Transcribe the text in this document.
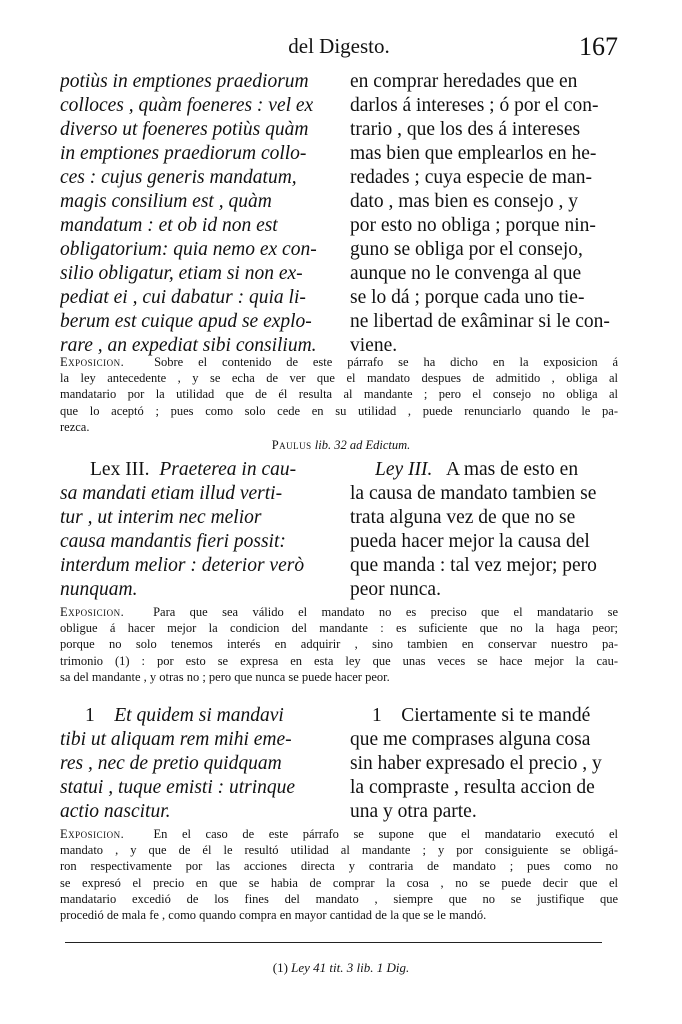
del Digesto.	167
potiùs in emptiones praediorum
colloces , quàm foeneres : vel ex
diverso ut foeneres potiùs quàm
in emptiones praediorum collo-
ces : cujus generis mandatum,
magis consilium est , quàm
mandatum : et ob id non est
obligatorium: quia nemo ex con-
silio obligatur, etiam si non ex-
pediat ei , cui dabatur : quia li-
berum est cuique apud se explo-
rare , an expediat sibi consilium.
en comprar heredades que en
darlos á intereses ; ó por el con-
trario , que los des á intereses
mas bien que emplearlos en he-
redades ; cuya especie de man-
dato , mas bien es consejo , y
por esto no obliga ; porque nin-
guno se obliga por el consejo,
aunque no le convenga al que
se lo dá ; porque cada uno tie-
ne libertad de exâminar si le con-
viene.
Exposicion. Sobre el contenido de este párrafo se ha dicho en la exposicion á
la ley antecedente , y se echa de ver que el mandato despues de admitido , obliga al
mandatario por la utilidad que de él resulta al mandante ; pero el consejo no obliga al
que lo aceptó ; pues como solo cede en su utilidad , puede renunciarlo quando le pa-
rezca.
Paulus lib. 32 ad Edictum.
Lex III. Praeterea in cau-
sa mandati etiam illud verti-
tur , ut interim nec melior
causa mandantis fieri possit:
interdum melior : deterior verò
nunquam.
Ley III. A mas de esto en
la causa de mandato tambien se
trata alguna vez de que no se
pueda hacer mejor la causa del
que manda : tal vez mejor; pero
peor nunca.
Exposicion. Para que sea válido el mandato no es preciso que el mandatario se
obligue á hacer mejor la condicion del mandante : es suficiente que no la haga peor;
porque no solo tenemos interés en adquirir , sino tambien en conservar nuestro pa-
trimonio (1) : por esto se expresa en esta ley que unas veces se hace mejor la cau-
sa del mandante , y otras no ; pero que nunca se puede hacer peor.
1 Et quidem si mandavi
tibi ut aliquam rem mihi eme-
res , nec de pretio quidquam
statui , tuque emisti : utrinque
actio nascitur.
1 Ciertamente si te mandé
que me comprases alguna cosa
sin haber expresado el precio , y
la compraste , resulta accion de
una y otra parte.
Exposicion. En el caso de este párrafo se supone que el mandatario executó el
mandato , y que de él le resultó utilidad al mandante ; y por consiguiente se obligá-
ron respectivamente por las acciones directa y contraria de mandato ; pues como no
se expresó el precio en que se habia de comprar la cosa , no se puede decir que el
mandatario excedió de los fines del mandato , siempre que no se justifique que
procedió de mala fe , como quando compra en mayor cantidad de la que se le mandó.
(1) Ley 41 tit. 3 lib. 1 Dig.
